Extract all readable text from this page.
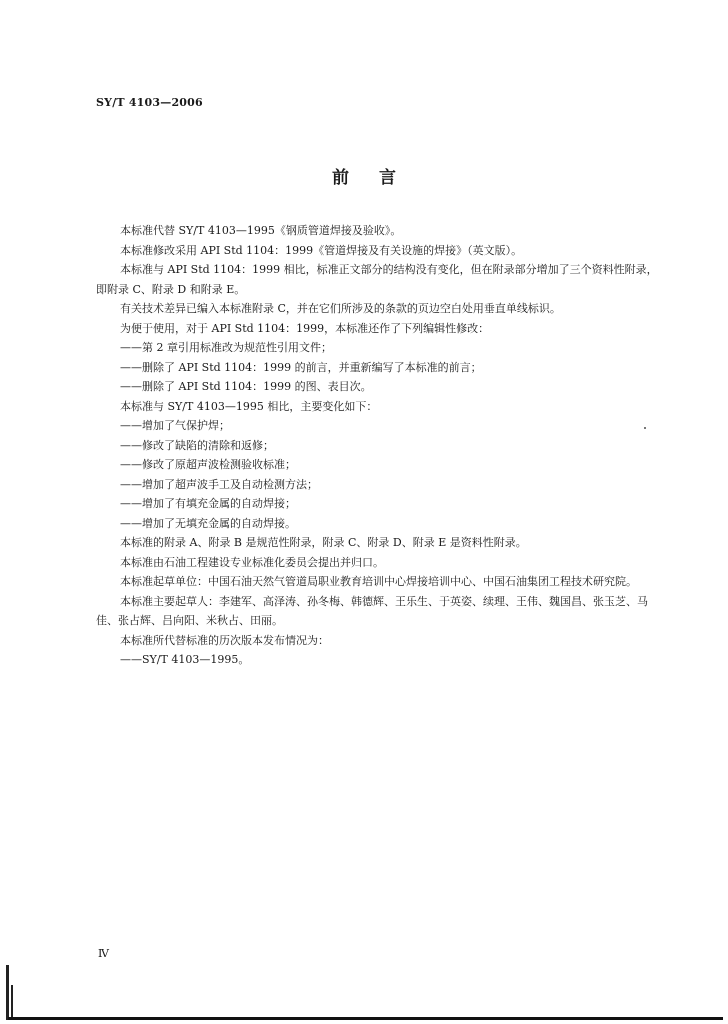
SY/T 4103—2006
前言

本标准代替 SY/T 4103—1995《钢质管道焊接及验收》。

本标准修改采用 API Std 1104：1999《管道焊接及有关设施的焊接》（英文版）。

本标准与 API Std 1104：1999 相比，标准正文部分的结构没有变化，但在附录部分增加了三个资料性附录，即附录 C、附录 D 和附录 E。

有关技术差异已编入本标准附录 C，并在它们所涉及的条款的页边空白处用垂直单线标识。

为便于使用，对于 API Std 1104：1999，本标准还作了下列编辑性修改：

——第 2 章引用标准改为规范性引用文件；

——删除了 API Std 1104：1999 的前言，并重新编写了本标准的前言；

——删除了 API Std 1104：1999 的图、表目次。

本标准与 SY/T 4103—1995 相比，主要变化如下：

——增加了气保护焊；

——修改了缺陷的清除和返修；

——修改了原超声波检测验收标准；

——增加了超声波手工及自动检测方法；

——增加了有填充金属的自动焊接；

——增加了无填充金属的自动焊接。

本标准的附录 A、附录 B 是规范性附录，附录 C、附录 D、附录 E 是资料性附录。

本标准由石油工程建设专业标准化委员会提出并归口。

本标准起草单位：中国石油天然气管道局职业教育培训中心焊接培训中心、中国石油集团工程技术研究院。

本标准主要起草人：李建军、高泽涛、孙冬梅、韩德辉、王乐生、于英姿、续理、王伟、魏国昌、张玉芝、马佳、张占辉、吕向阳、米秋占、田丽。

本标准所代替标准的历次版本发布情况为：

——SY/T 4103—1995。

Ⅳ
